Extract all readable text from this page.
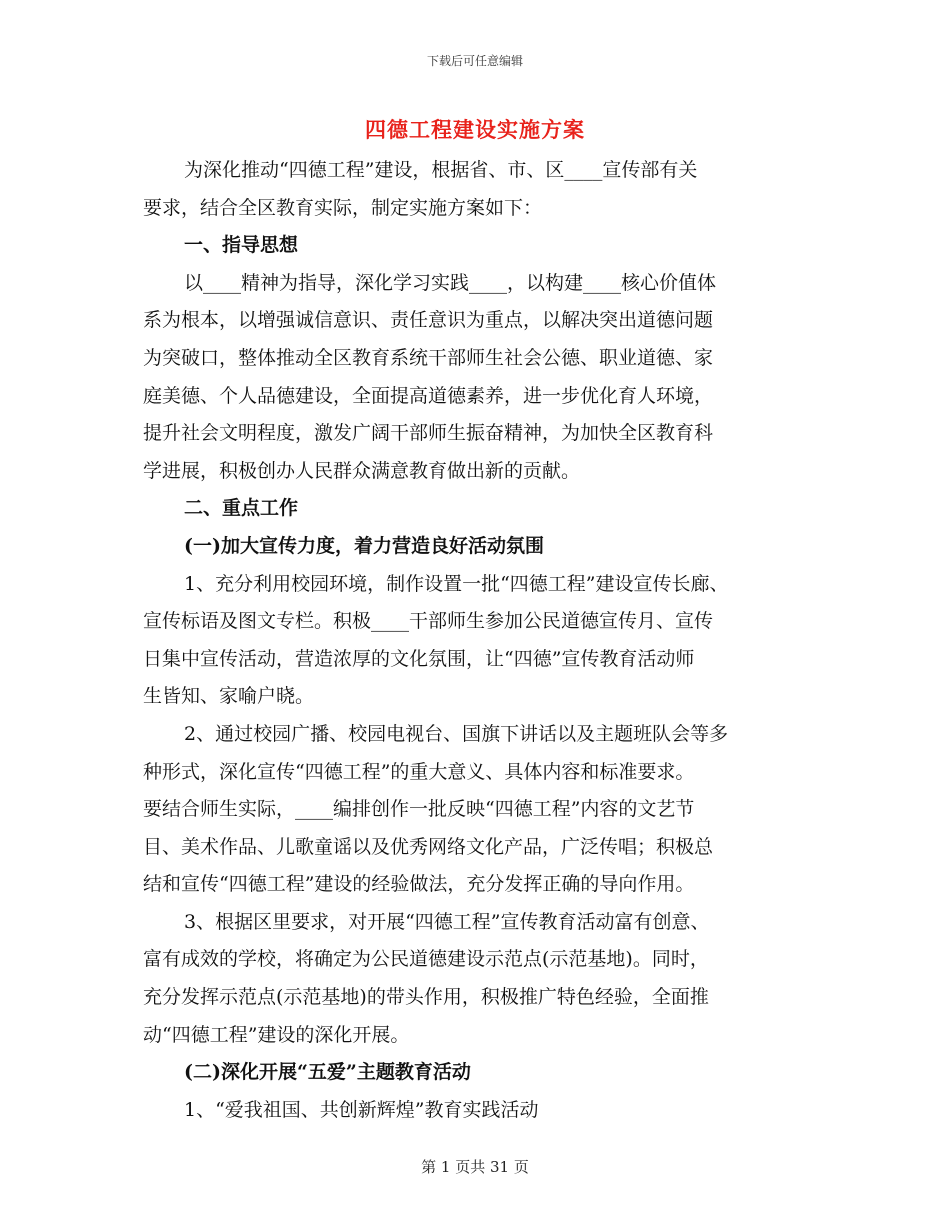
下载后可任意编辑
四德工程建设实施方案
为深化推动“四德工程”建设，根据省、市、区____宣传部有关
要求，结合全区教育实际，制定实施方案如下：
一、指导思想
以____精神为指导，深化学习实践____，以构建____核心价值体
系为根本，以增强诚信意识、责任意识为重点，以解决突出道德问题
为突破口，整体推动全区教育系统干部师生社会公德、职业道德、家
庭美德、个人品德建设，全面提高道德素养，进一步优化育人环境，
提升社会文明程度，激发广阔干部师生振奋精神，为加快全区教育科
学进展，积极创办人民群众满意教育做出新的贡献。
二、重点工作
(一)加大宣传力度，着力营造良好活动氛围
1、充分利用校园环境，制作设置一批“四德工程”建设宣传长廊、
宣传标语及图文专栏。积极____干部师生参加公民道德宣传月、宣传
日集中宣传活动，营造浓厚的文化氛围，让“四德”宣传教育活动师
生皆知、家喻户晓。
2、通过校园广播、校园电视台、国旗下讲话以及主题班队会等多
种形式，深化宣传“四德工程”的重大意义、具体内容和标准要求。
要结合师生实际，____编排创作一批反映“四德工程”内容的文艺节
目、美术作品、儿歌童谣以及优秀网络文化产品，广泛传唱；积极总
结和宣传“四德工程”建设的经验做法，充分发挥正确的导向作用。
3、根据区里要求，对开展“四德工程”宣传教育活动富有创意、
富有成效的学校，将确定为公民道德建设示范点(示范基地)。同时，
充分发挥示范点(示范基地)的带头作用，积极推广特色经验，全面推
动“四德工程”建设的深化开展。
(二)深化开展“五爱”主题教育活动
1、“爱我祖国、共创新辉煌”教育实践活动
第 1 页共 31 页
